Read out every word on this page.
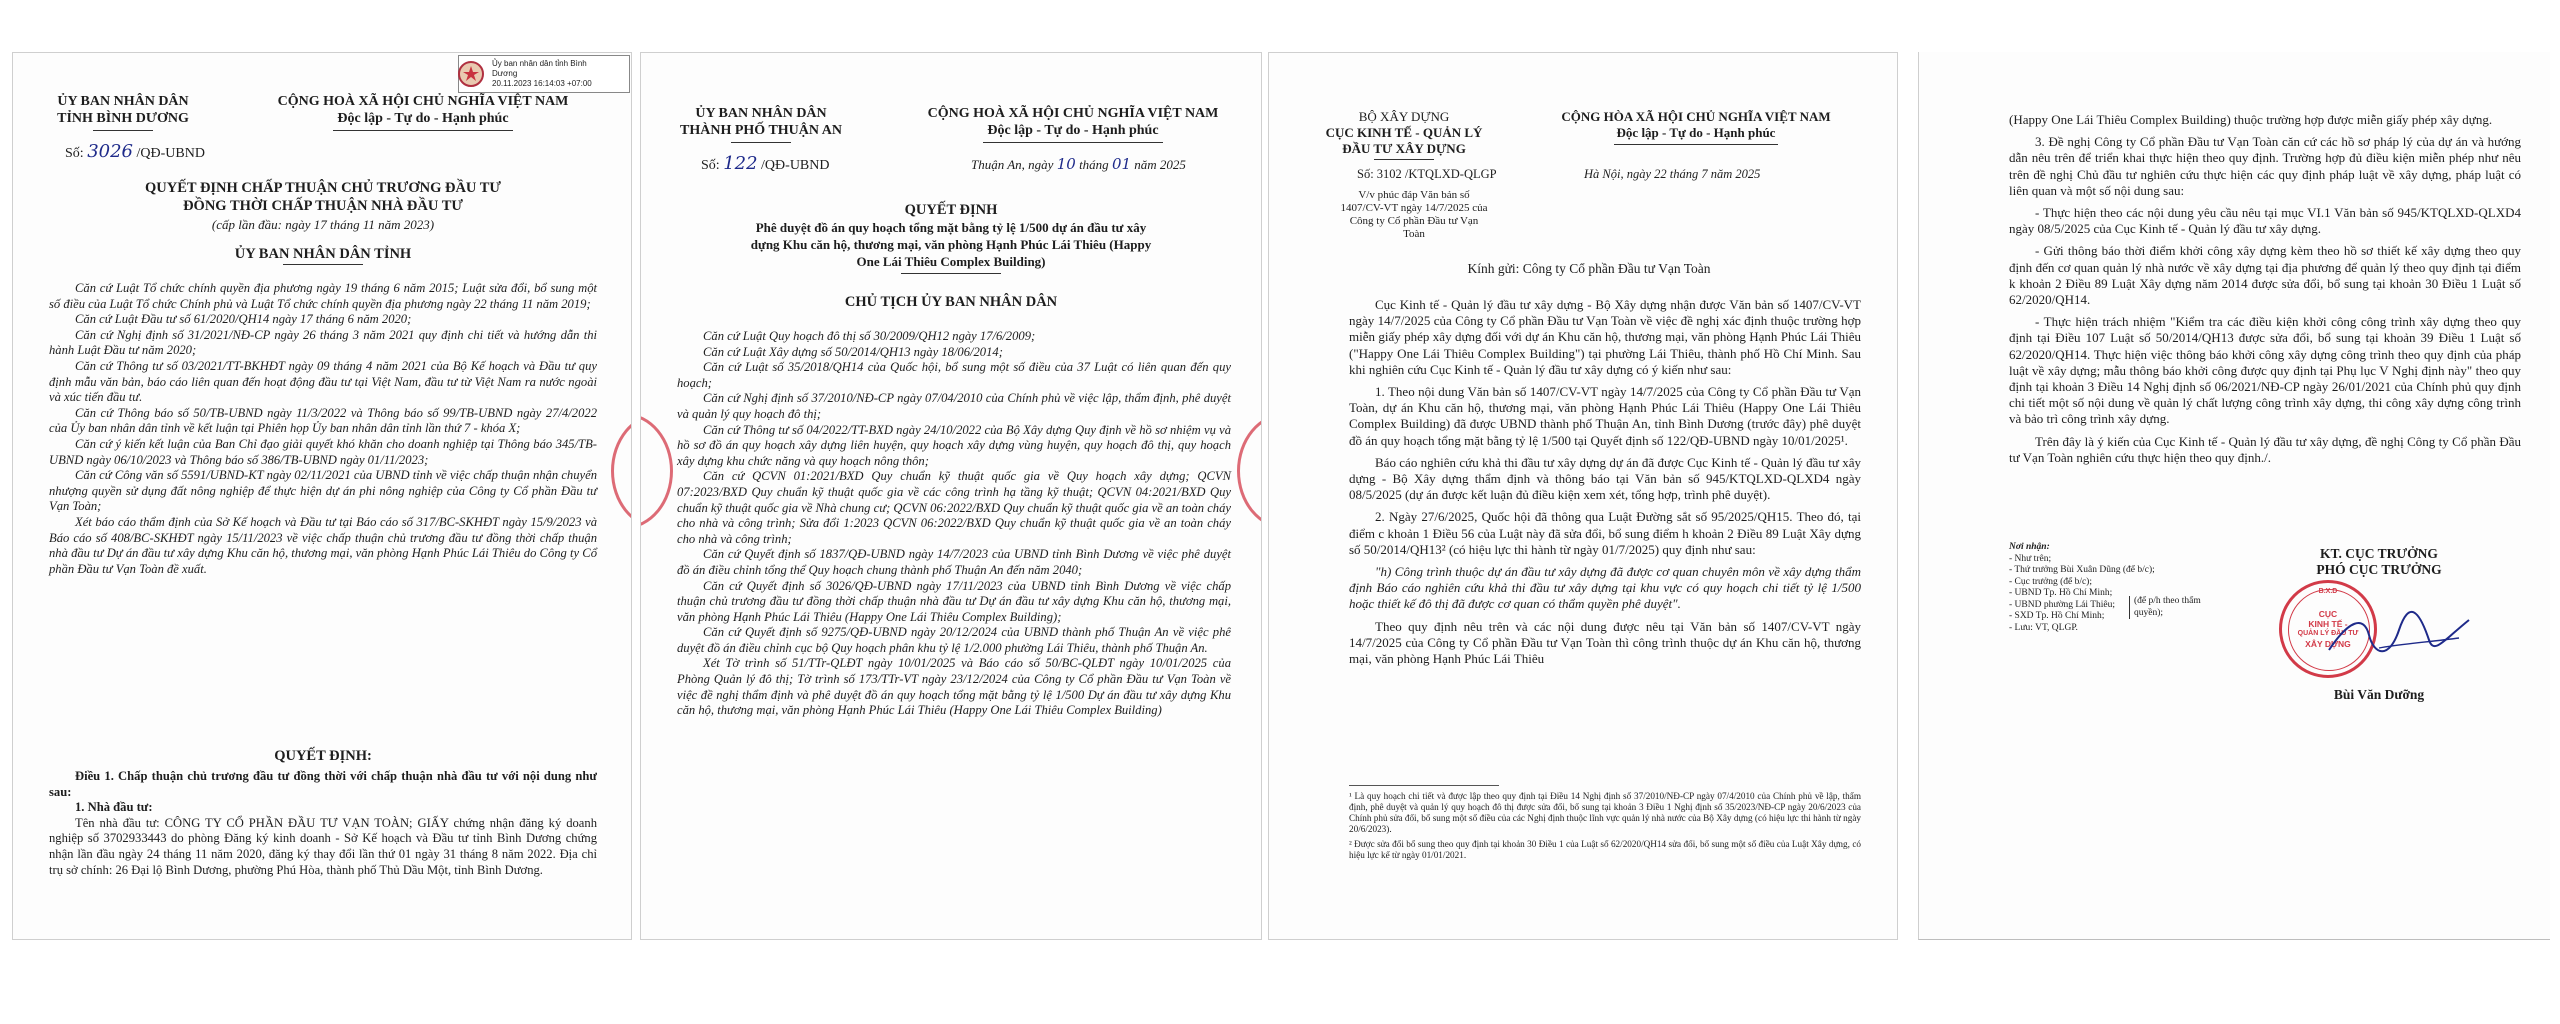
Ủy ban nhân dân tỉnh Bình
Dương
20.11.2023 16:14:03 +07:00
ỦY BAN NHÂN DÂN
TỈNH BÌNH DƯƠNG
CỘNG HOÀ XÃ HỘI CHỦ NGHĨA VIỆT NAM
Độc lập - Tự do - Hạnh phúc
Số: 3026 /QĐ-UBND
QUYẾT ĐỊNH CHẤP THUẬN CHỦ TRƯƠNG ĐẦU TƯ
ĐỒNG THỜI CHẤP THUẬN NHÀ ĐẦU TƯ
(cấp lần đầu: ngày 17 tháng 11 năm 2023)
ỦY BAN NHÂN DÂN TỈNH

Căn cứ Luật Tổ chức chính quyền địa phương ngày 19 tháng 6 năm 2015; Luật sửa đổi, bổ sung một số điều của Luật Tổ chức Chính phủ và Luật Tổ chức chính quyền địa phương ngày 22 tháng 11 năm 2019;

Căn cứ Luật Đầu tư số 61/2020/QH14 ngày 17 tháng 6 năm 2020;

Căn cứ Nghị định số 31/2021/NĐ-CP ngày 26 tháng 3 năm 2021 quy định chi tiết và hướng dẫn thi hành Luật Đầu tư năm 2020;

Căn cứ Thông tư số 03/2021/TT-BKHĐT ngày 09 tháng 4 năm 2021 của Bộ Kế hoạch và Đầu tư quy định mẫu văn bản, báo cáo liên quan đến hoạt động đầu tư tại Việt Nam, đầu tư từ Việt Nam ra nước ngoài và xúc tiến đầu tư.

Căn cứ Thông báo số 50/TB-UBND ngày 11/3/2022 và Thông báo số 99/TB-UBND ngày 27/4/2022 của Ủy ban nhân dân tỉnh về kết luận tại Phiên họp Ủy ban nhân dân tỉnh lần thứ 7 - khóa X;

Căn cứ ý kiến kết luận của Ban Chỉ đạo giải quyết khó khăn cho doanh nghiệp tại Thông báo 345/TB-UBND ngày 06/10/2023 và Thông báo số 386/TB-UBND ngày 01/11/2023;

Căn cứ Công văn số 5591/UBND-KT ngày 02/11/2021 của UBND tỉnh về việc chấp thuận nhận chuyển nhượng quyền sử dụng đất nông nghiệp để thực hiện dự án phi nông nghiệp của Công ty Cổ phần Đầu tư Vạn Toàn;

Xét báo cáo thẩm định của Sở Kế hoạch và Đầu tư tại Báo cáo số 317/BC-SKHĐT ngày 15/9/2023 và Báo cáo số 408/BC-SKHĐT ngày 15/11/2023 về việc chấp thuận chủ trương đầu tư đồng thời chấp thuận nhà đầu tư Dự án đầu tư xây dựng Khu căn hộ, thương mại, văn phòng Hạnh Phúc Lái Thiêu do Công ty Cổ phần Đầu tư Vạn Toàn đề xuất.

QUYẾT ĐỊNH:

Điều 1. Chấp thuận chủ trương đầu tư đồng thời với chấp thuận nhà đầu tư với nội dung như sau:

1. Nhà đầu tư:

Tên nhà đầu tư: CÔNG TY CỔ PHẦN ĐẦU TƯ VẠN TOÀN; GIẤY chứng nhận đăng ký doanh nghiệp số 3702933443 do phòng Đăng ký kinh doanh - Sở Kế hoạch và Đầu tư tỉnh Bình Dương chứng nhận lần đầu ngày 24 tháng 11 năm 2020, đăng ký thay đổi lần thứ 01 ngày 31 tháng 8 năm 2022. Địa chỉ trụ sở chính: 26 Đại lộ Bình Dương, phường Phú Hòa, thành phố Thủ Dầu Một, tỉnh Bình Dương.

ỦY BAN NHÂN DÂN
THÀNH PHỐ THUẬN AN
CỘNG HOÀ XÃ HỘI CHỦ NGHĨA VIỆT NAM
Độc lập - Tự do - Hạnh phúc
Số: 122 /QĐ-UBND	Thuận An, ngày 10 tháng 01 năm 2025
QUYẾT ĐỊNH
Phê duyệt đồ án quy hoạch tổng mặt bằng tỷ lệ 1/500 dự án đầu tư xây dựng Khu căn hộ, thương mại, văn phòng Hạnh Phúc Lái Thiêu (Happy One Lái Thiêu Complex Building)
CHỦ TỊCH ỦY BAN NHÂN DÂN

Căn cứ Luật Quy hoạch đô thị số 30/2009/QH12 ngày 17/6/2009;

Căn cứ Luật Xây dựng số 50/2014/QH13 ngày 18/06/2014;

Căn cứ Luật số 35/2018/QH14 của Quốc hội, bổ sung một số điều của 37 Luật có liên quan đến quy hoạch;

Căn cứ Nghị định số 37/2010/NĐ-CP ngày 07/04/2010 của Chính phủ về việc lập, thẩm định, phê duyệt và quản lý quy hoạch đô thị;

Căn cứ Thông tư số 04/2022/TT-BXD ngày 24/10/2022 của Bộ Xây dựng Quy định về hồ sơ nhiệm vụ và hồ sơ đồ án quy hoạch xây dựng liên huyện, quy hoạch xây dựng vùng huyện, quy hoạch đô thị, quy hoạch xây dựng khu chức năng và quy hoạch nông thôn;

Căn cứ QCVN 01:2021/BXD Quy chuẩn kỹ thuật quốc gia về Quy hoạch xây dựng; QCVN 07:2023/BXD Quy chuẩn kỹ thuật quốc gia về các công trình hạ tầng kỹ thuật; QCVN 04:2021/BXD Quy chuẩn kỹ thuật quốc gia về Nhà chung cư; QCVN 06:2022/BXD Quy chuẩn kỹ thuật quốc gia về an toàn cháy cho nhà và công trình; Sửa đổi 1:2023 QCVN 06:2022/BXD Quy chuẩn kỹ thuật quốc gia về an toàn cháy cho nhà và công trình;

Căn cứ Quyết định số 1837/QĐ-UBND ngày 14/7/2023 của UBND tỉnh Bình Dương về việc phê duyệt đồ án điều chỉnh tổng thể Quy hoạch chung thành phố Thuận An đến năm 2040;

Căn cứ Quyết định số 3026/QĐ-UBND ngày 17/11/2023 của UBND tỉnh Bình Dương về việc chấp thuận chủ trương đầu tư đồng thời chấp thuận nhà đầu tư Dự án đầu tư xây dựng Khu căn hộ, thương mại, văn phòng Hạnh Phúc Lái Thiêu (Happy One Lái Thiêu Complex Building);

Căn cứ Quyết định số 9275/QĐ-UBND ngày 20/12/2024 của UBND thành phố Thuận An về việc phê duyệt đồ án điều chỉnh cục bộ Quy hoạch phân khu tỷ lệ 1/2.000 phường Lái Thiêu, thành phố Thuận An.

Xét Tờ trình số 51/TTr-QLĐT ngày 10/01/2025 và Báo cáo số 50/BC-QLĐT ngày 10/01/2025 của Phòng Quản lý đô thị; Tờ trình số 173/TTr-VT ngày 23/12/2024 của Công ty Cổ phần Đầu tư Vạn Toàn về việc đề nghị thẩm định và phê duyệt đồ án quy hoạch tổng mặt bằng tỷ lệ 1/500 Dự án đầu tư xây dựng Khu căn hộ, thương mại, văn phòng Hạnh Phúc Lái Thiêu (Happy One Lái Thiêu Complex Building)

BỘ XÂY DỰNG
CỤC KINH TẾ - QUẢN LÝ
ĐẦU TƯ XÂY DỰNG
CỘNG HÒA XÃ HỘI CHỦ NGHĨA VIỆT NAM
Độc lập - Tự do - Hạnh phúc
Số: 3102 /KTQLXD-QLGP	Hà Nội, ngày 22 tháng 7 năm 2025
V/v phúc đáp Văn bản số 1407/CV-VT ngày 14/7/2025 của Công ty Cổ phần Đầu tư Vạn Toàn
Kính gửi: Công ty Cổ phần Đầu tư Vạn Toàn

Cục Kinh tế - Quản lý đầu tư xây dựng - Bộ Xây dựng nhận được Văn bản số 1407/CV-VT ngày 14/7/2025 của Công ty Cổ phần Đầu tư Vạn Toàn về việc đề nghị xác định thuộc trường hợp miễn giấy phép xây dựng đối với dự án Khu căn hộ, thương mại, văn phòng Hạnh Phúc Lái Thiêu ("Happy One Lái Thiêu Complex Building") tại phường Lái Thiêu, thành phố Hồ Chí Minh. Sau khi nghiên cứu Cục Kinh tế - Quản lý đầu tư xây dựng có ý kiến như sau:

1. Theo nội dung Văn bản số 1407/CV-VT ngày 14/7/2025 của Công ty Cổ phần Đầu tư Vạn Toàn, dự án Khu căn hộ, thương mại, văn phòng Hạnh Phúc Lái Thiêu (Happy One Lái Thiêu Complex Building) đã được UBND thành phố Thuận An, tỉnh Bình Dương (trước đây) phê duyệt đồ án quy hoạch tổng mặt bằng tỷ lệ 1/500 tại Quyết định số 122/QĐ-UBND ngày 10/01/2025¹.

Báo cáo nghiên cứu khả thi đầu tư xây dựng dự án đã được Cục Kinh tế - Quản lý đầu tư xây dựng - Bộ Xây dựng thẩm định và thông báo tại Văn bản số 945/KTQLXD-QLXD4 ngày 08/5/2025 (dự án được kết luận đủ điều kiện xem xét, tổng hợp, trình phê duyệt).

2. Ngày 27/6/2025, Quốc hội đã thông qua Luật Đường sắt số 95/2025/QH15. Theo đó, tại điểm c khoản 1 Điều 56 của Luật này đã sửa đổi, bổ sung điểm h khoản 2 Điều 89 Luật Xây dựng số 50/2014/QH13² (có hiệu lực thi hành từ ngày 01/7/2025) quy định như sau:

"h) Công trình thuộc dự án đầu tư xây dựng đã được cơ quan chuyên môn về xây dựng thẩm định Báo cáo nghiên cứu khả thi đầu tư xây dựng tại khu vực có quy hoạch chi tiết tỷ lệ 1/500 hoặc thiết kế đô thị đã được cơ quan có thẩm quyền phê duyệt".

Theo quy định nêu trên và các nội dung được nêu tại Văn bản số 1407/CV-VT ngày 14/7/2025 của Công ty Cổ phần Đầu tư Vạn Toàn thì công trình thuộc dự án Khu căn hộ, thương mại, văn phòng Hạnh Phúc Lái Thiêu

¹ Là quy hoạch chi tiết và được lập theo quy định tại Điều 14 Nghị định số 37/2010/NĐ-CP ngày 07/4/2010 của Chính phủ về lập, thẩm định, phê duyệt và quản lý quy hoạch đô thị được sửa đổi, bổ sung tại khoản 3 Điều 1 Nghị định số 35/2023/NĐ-CP ngày 20/6/2023 của Chính phủ sửa đổi, bổ sung một số điều của các Nghị định thuộc lĩnh vực quản lý nhà nước của Bộ Xây dựng (có hiệu lực thi hành từ ngày 20/6/2023).
² Được sửa đổi bổ sung theo quy định tại khoản 30 Điều 1 của Luật số 62/2020/QH14 sửa đổi, bổ sung một số điều của Luật Xây dựng, có hiệu lực kể từ ngày 01/01/2021.

(Happy One Lái Thiêu Complex Building) thuộc trường hợp được miễn giấy phép xây dựng.

3. Đề nghị Công ty Cổ phần Đầu tư Vạn Toàn căn cứ các hồ sơ pháp lý của dự án và hướng dẫn nêu trên để triển khai thực hiện theo quy định. Trường hợp đủ điều kiện miễn phép như nêu trên đề nghị Chủ đầu tư nghiên cứu thực hiện các quy định pháp luật về xây dựng, pháp luật có liên quan và một số nội dung sau:

- Thực hiện theo các nội dung yêu cầu nêu tại mục VI.1 Văn bản số 945/KTQLXD-QLXD4 ngày 08/5/2025 của Cục Kinh tế - Quản lý đầu tư xây dựng.

- Gửi thông báo thời điểm khởi công xây dựng kèm theo hồ sơ thiết kế xây dựng theo quy định đến cơ quan quản lý nhà nước về xây dựng tại địa phương để quản lý theo quy định tại điểm k khoản 2 Điều 89 Luật Xây dựng năm 2014 được sửa đổi, bổ sung tại khoản 30 Điều 1 Luật số 62/2020/QH14.

- Thực hiện trách nhiệm "Kiểm tra các điều kiện khởi công công trình xây dựng theo quy định tại Điều 107 Luật số 50/2014/QH13 được sửa đổi, bổ sung tại khoản 39 Điều 1 Luật số 62/2020/QH14. Thực hiện việc thông báo khởi công xây dựng công trình theo quy định của pháp luật về xây dựng; mẫu thông báo khởi công được quy định tại Phụ lục V Nghị định này" theo quy định tại khoản 3 Điều 14 Nghị định số 06/2021/NĐ-CP ngày 26/01/2021 của Chính phủ quy định chi tiết một số nội dung về quản lý chất lượng công trình xây dựng, thi công xây dựng công trình và bảo trì công trình xây dựng.

Trên đây là ý kiến của Cục Kinh tế - Quản lý đầu tư xây dựng, đề nghị Công ty Cổ phần Đầu tư Vạn Toàn nghiên cứu thực hiện theo quy định./.

Nơi nhận:
- Như trên;
- Thứ trưởng Bùi Xuân Dũng (để b/c);
- Cục trưởng (để b/c);
- UBND Tp. Hồ Chí Minh;
- UBND phường Lái Thiêu;
- SXD Tp. Hồ Chí Minh;
- Lưu: VT, QLGP.
(để p/h theo thẩm quyền);
KT. CỤC TRƯỞNG
PHÓ CỤC TRƯỞNG
B.X.D
CỤC
KINH TẾ -
QUẢN LÝ ĐẦU TƯ
XÂY DỰNG
Bùi Văn Dưỡng
